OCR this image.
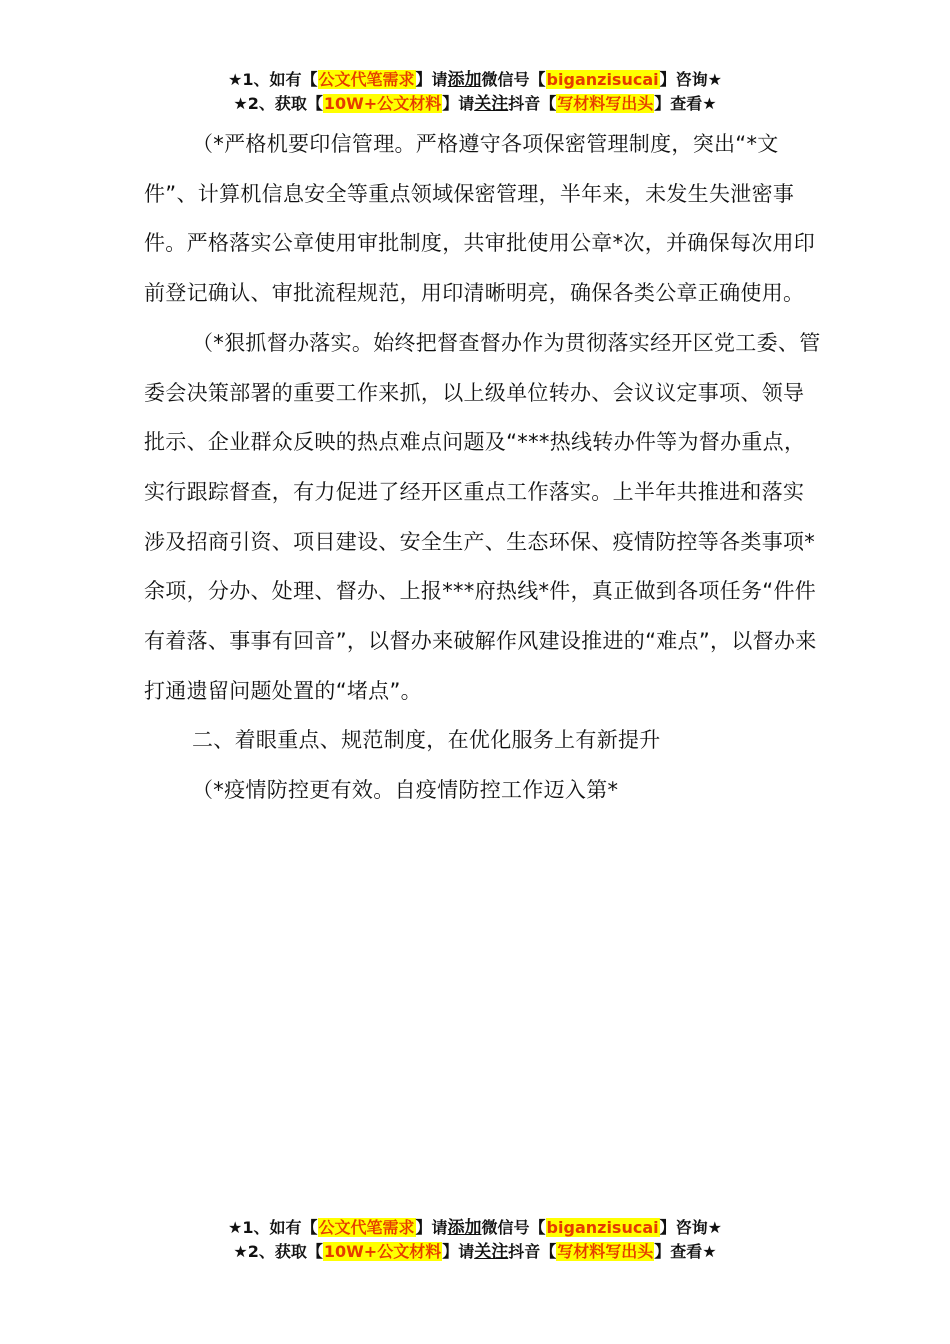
★1、如有【公文代笔需求】请添加微信号【biganzisucai】咨询★
★2、获取【10W+公文材料】请关注抖音【写材料写出头】查看★

（*严格机要印信管理。严格遵守各项保密管理制度，突出“*文件”、计算机信息安全等重点领域保密管理，半年来，未发生失泄密事件。严格落实公章使用审批制度，共审批使用公章*次，并确保每次用印前登记确认、审批流程规范，用印清晰明亮，确保各类公章正确使用。

（*狠抓督办落实。始终把督查督办作为贯彻落实经开区党工委、管委会决策部署的重要工作来抓，以上级单位转办、会议议定事项、领导批示、企业群众反映的热点难点问题及“***热线转办件等为督办重点，实行跟踪督查，有力促进了经开区重点工作落实。上半年共推进和落实涉及招商引资、项目建设、安全生产、生态环保、疫情防控等各类事项*余项，分办、处理、督办、上报***府热线*件，真正做到各项任务“件件有着落、事事有回音”，以督办来破解作风建设推进的“难点”，以督办来打通遗留问题处置的“堵点”。

二、着眼重点、规范制度，在优化服务上有新提升

（*疫情防控更有效。自疫情防控工作迈入第*

★1、如有【公文代笔需求】请添加微信号【biganzisucai】咨询★
★2、获取【10W+公文材料】请关注抖音【写材料写出头】查看★
